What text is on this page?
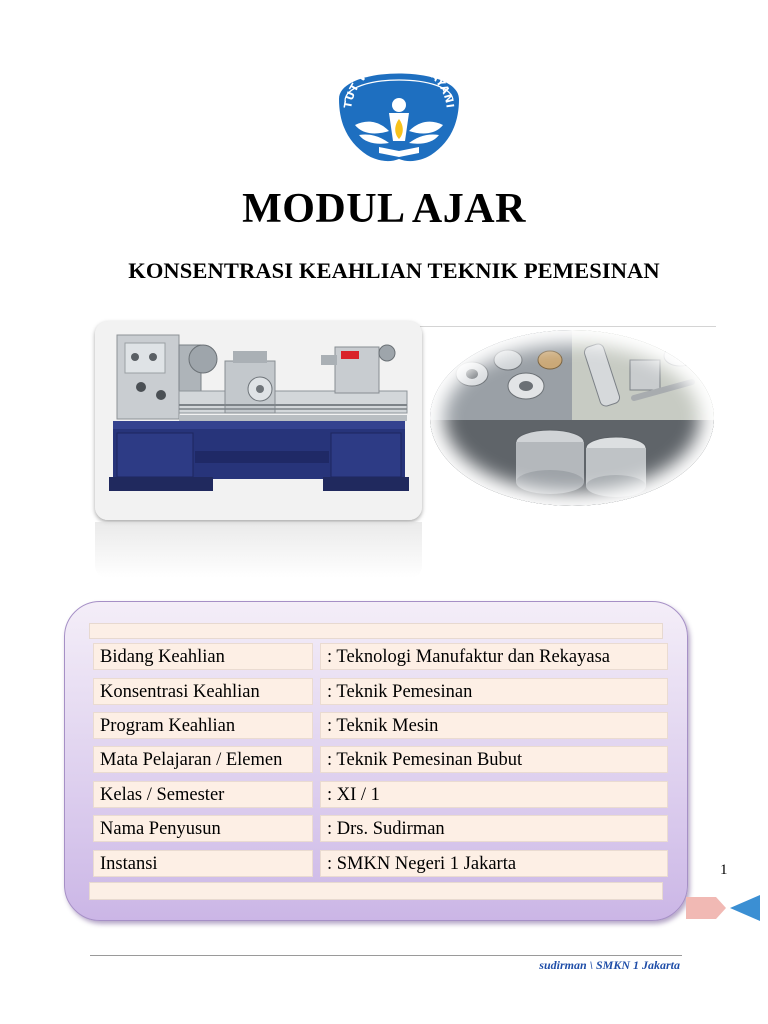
TUT WURI HANDAYANI
MODUL AJAR
KONSENTRASI KEAHLIAN TEKNIK PEMESINAN
Bidang Keahlian	: Teknologi Manufaktur dan Rekayasa
Konsentrasi Keahlian	: Teknik Pemesinan
Program Keahlian	: Teknik Mesin
Mata Pelajaran / Elemen	: Teknik Pemesinan Bubut
Kelas / Semester	: XI / 1
Nama Penyusun	: Drs. Sudirman
Instansi	: SMKN Negeri 1 Jakarta	1
sudirman \ SMKN 1 Jakarta
